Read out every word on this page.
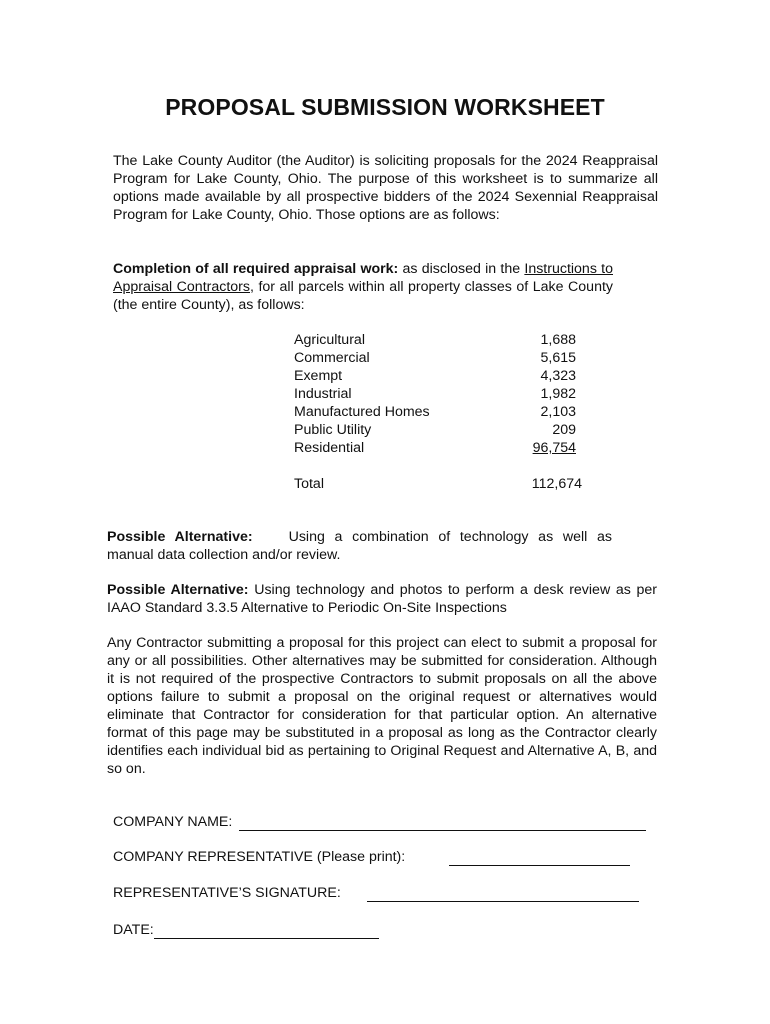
PROPOSAL SUBMISSION WORKSHEET
The Lake County Auditor (the Auditor) is soliciting proposals for the 2024 Reappraisal Program for Lake County, Ohio. The purpose of this worksheet is to summarize all options made available by all prospective bidders of the 2024 Sexennial Reappraisal Program for Lake County, Ohio. Those options are as follows:
Completion of all required appraisal work: as disclosed in the Instructions to Appraisal Contractors, for all parcels within all property classes of Lake County (the entire County), as follows:
Agricultural	1,688
Commercial	5,615
Exempt	4,323
Industrial	1,982
Manufactured Homes	2,103
Public Utility	209
Residential	96,754
Total	112,674
Possible Alternative:	Using a combination of technology as well as manual data collection and/or review.
Possible Alternative: Using technology and photos to perform a desk review as per IAAO Standard 3.3.5 Alternative to Periodic On-Site Inspections
Any Contractor submitting a proposal for this project can elect to submit a proposal for any or all possibilities. Other alternatives may be submitted for consideration. Although it is not required of the prospective Contractors to submit proposals on all the above options failure to submit a proposal on the original request or alternatives would eliminate that Contractor for consideration for that particular option. An alternative format of this page may be substituted in a proposal as long as the Contractor clearly identifies each individual bid as pertaining to Original Request and Alternative A, B, and so on.
COMPANY NAME:
COMPANY REPRESENTATIVE (Please print):
REPRESENTATIVE’S SIGNATURE:
DATE:
